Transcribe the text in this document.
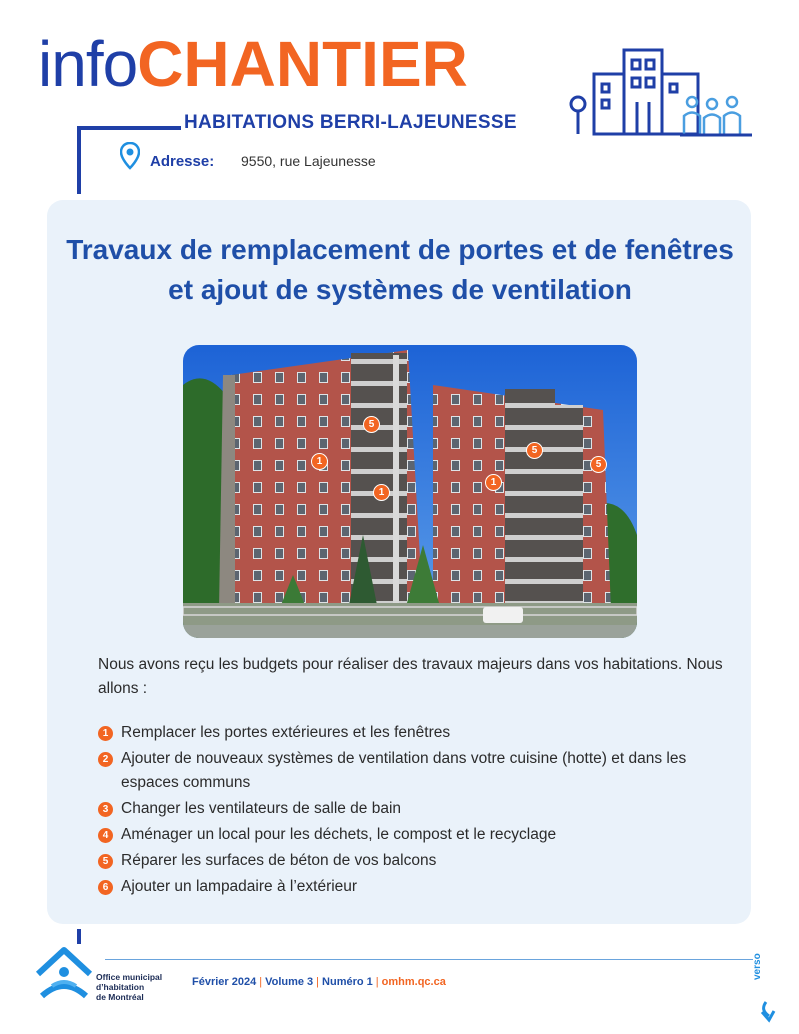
infoCHANTIER
HABITATIONS BERRI-LAJEUNESSE
Adresse: 9550, rue Lajeunesse
Travaux de remplacement de portes et de fenêtres et ajout de systèmes de ventilation
5
1
1
1
5
5
Nous avons reçu les budgets pour réaliser des travaux majeurs dans vos habitations. Nous allons :
1 Remplacer les portes extérieures et les fenêtres
2 Ajouter de nouveaux systèmes de ventilation dans votre cuisine (hotte) et dans les espaces communs
3 Changer les ventilateurs de salle de bain
4 Aménager un local pour les déchets, le compost et le recyclage
5 Réparer les surfaces de béton de vos balcons
6 Ajouter un lampadaire à l’extérieur
Office municipal
d’habitation
de Montréal
Février 2024 | Volume 3 | Numéro 1 | omhm.qc.ca
verso
